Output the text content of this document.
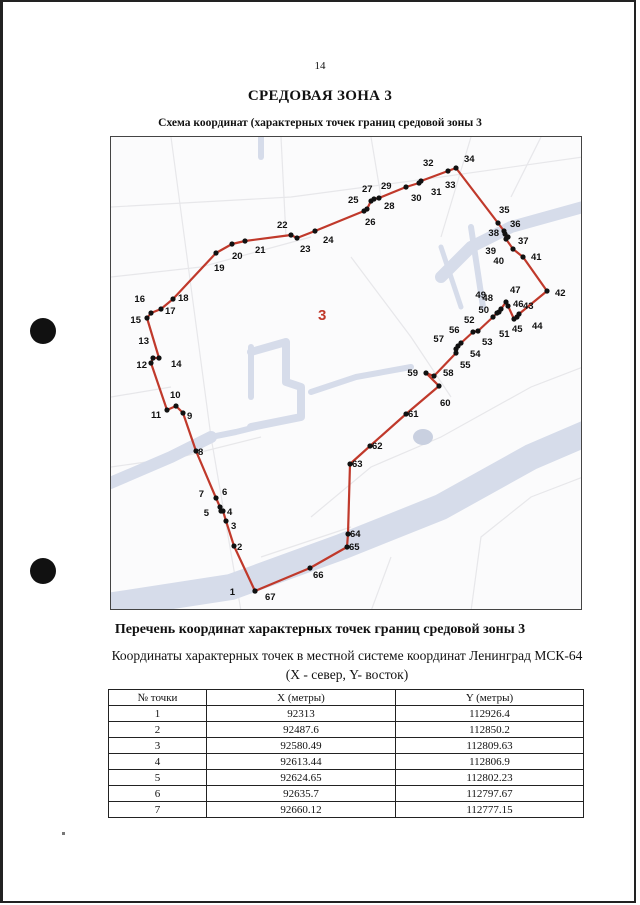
14
СРЕДОВАЯ ЗОНА 3
Схема координат (характерных точек границ средовой зоны 3
3
1
2
3
4
5
6
7
8
9
10
11
12
13
14
15
16
17
18
19
20
21
22
23
24
25
26
27
28
29
30
31
32
33
34
35
36
37
38
39
40	41
42
43
44
45
46
47
48
49
50
51
52
53
54
55
56
57
58
59
60
61
62
63
64
65
66
67
Перечень координат характерных точек границ средовой зоны 3
Координаты характерных точек в местной системе координат Ленинград МСК-64 (X - север, Y- восток)
№ точки	X (метры)	Y (метры)
1	92313	112926.4
2	92487.6	112850.2
3	92580.49	112809.63
4	92613.44	112806.9
5	92624.65	112802.23
6	92635.7	112797.67
7	92660.12	112777.15
